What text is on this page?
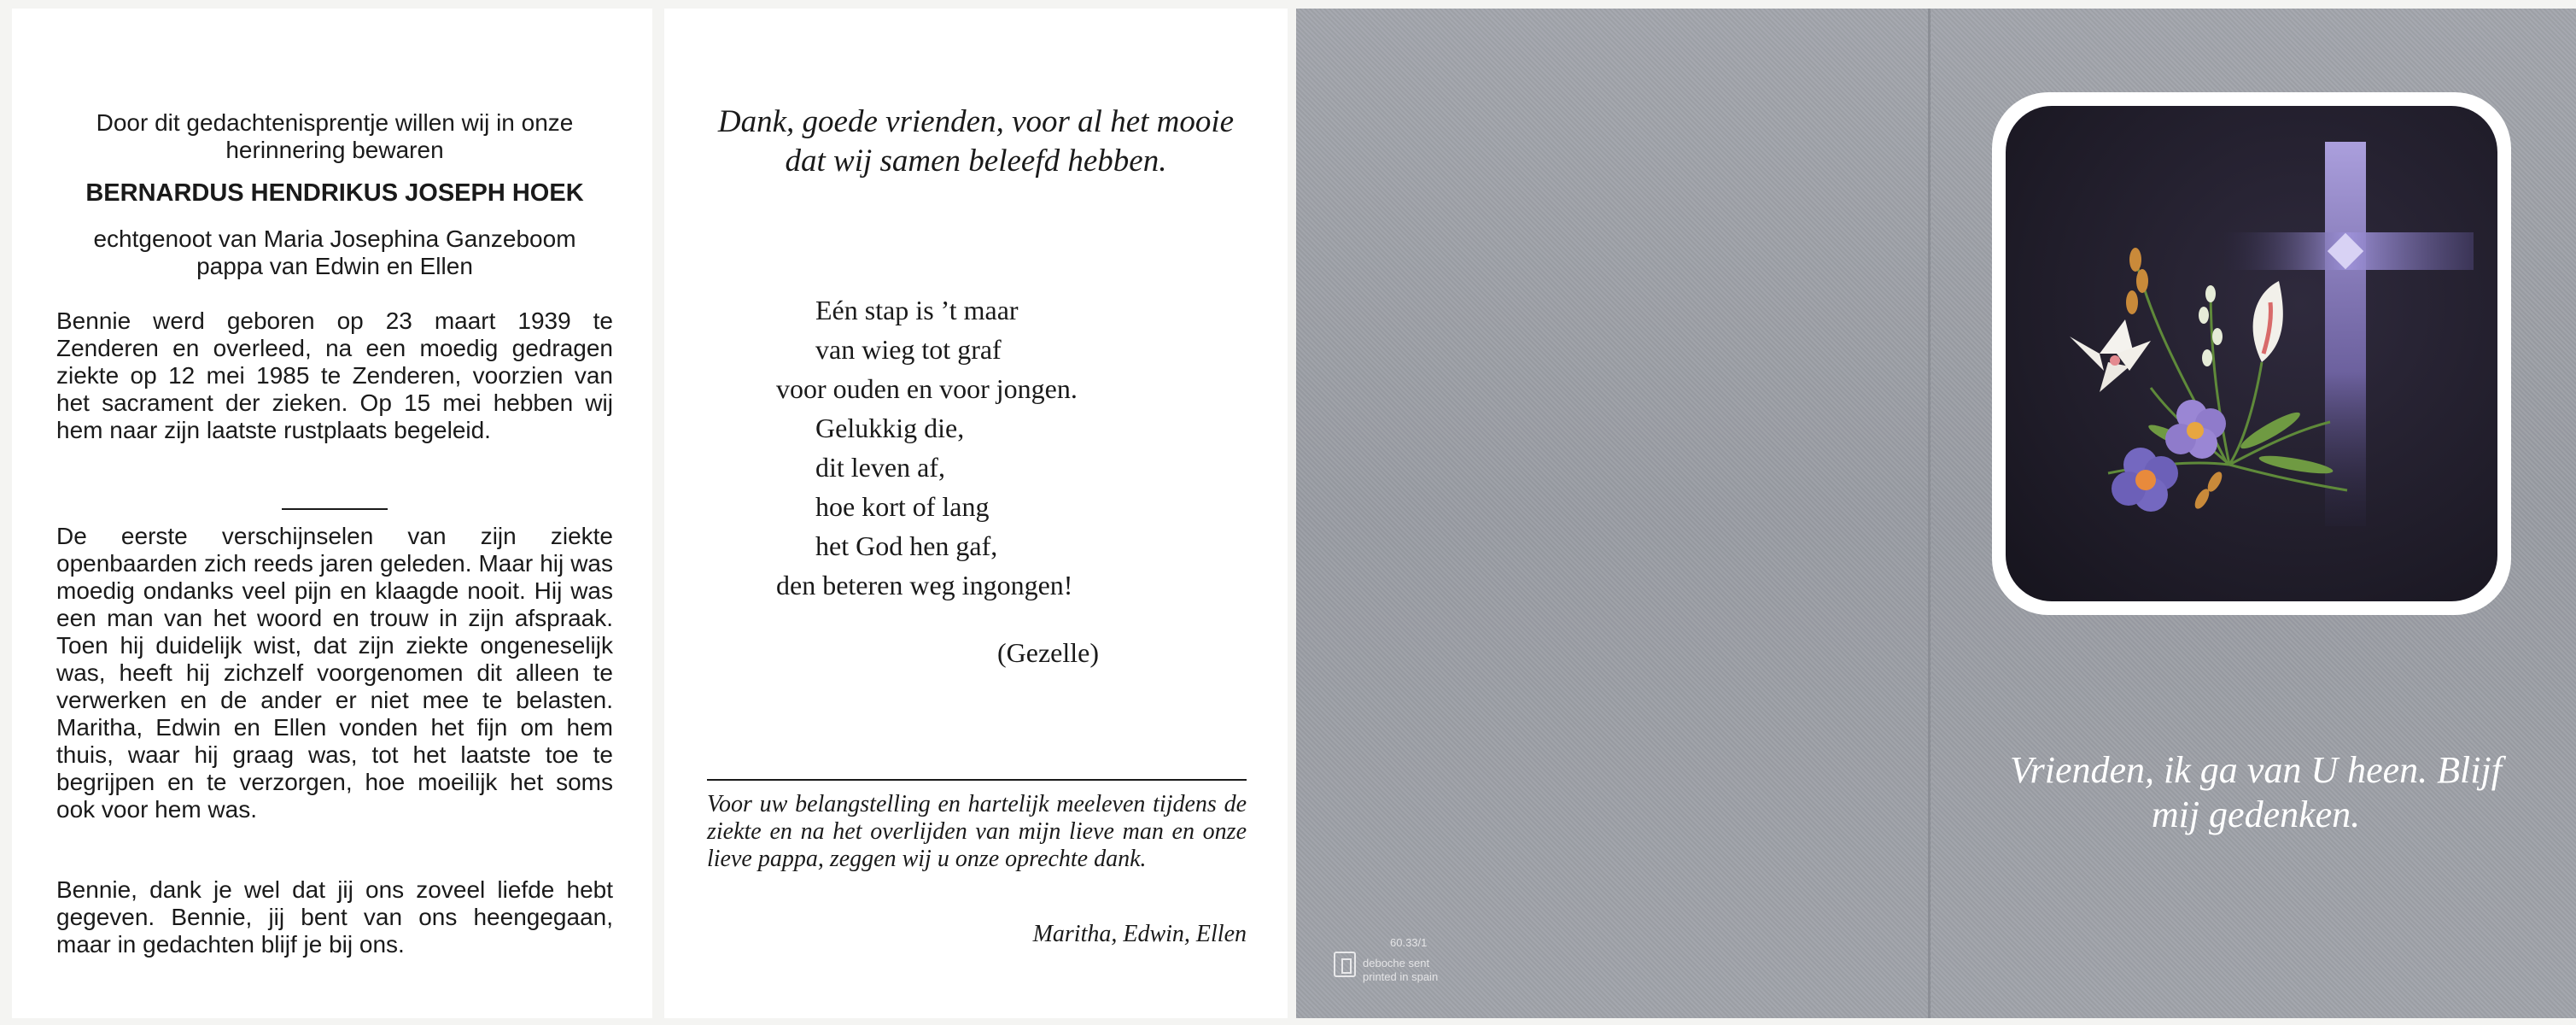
Door dit gedachtenisprentje willen wij in onze herinnering bewaren
BERNARDUS HENDRIKUS JOSEPH HOEK
echtgenoot van Maria Josephina Ganzeboom
pappa van Edwin en Ellen
Bennie werd geboren op 23 maart 1939 te Zenderen en overleed, na een moedig gedragen ziekte op 12 mei 1985 te Zenderen, voorzien van het sacrament der zieken. Op 15 mei hebben wij hem naar zijn laatste rustplaats begeleid.
De eerste verschijnselen van zijn ziekte openbaarden zich reeds jaren geleden. Maar hij was moedig ondanks veel pijn en klaagde nooit. Hij was een man van het woord en trouw in zijn afspraak. Toen hij duidelijk wist, dat zijn ziekte ongeneselijk was, heeft hij zichzelf voorgenomen dit alleen te verwerken en de ander er niet mee te belasten. Maritha, Edwin en Ellen vonden het fijn om hem thuis, waar hij graag was, tot het laatste toe te begrijpen en te verzorgen, hoe moeilijk het soms ook voor hem was.
Bennie, dank je wel dat jij ons zoveel liefde hebt gegeven. Bennie, jij bent van ons heengegaan, maar in gedachten blijf je bij ons.
Dank, goede vrienden, voor al het mooie dat wij samen beleefd hebben.
Eén stap is ’t maar
van wieg tot graf
voor ouden en voor jongen.
Gelukkig die,
dit leven af,
hoe kort of lang
het God hen gaf,
den beteren weg ingongen!
(Gezelle)
Voor uw belangstelling en hartelijk meeleven tijdens de ziekte en na het overlijden van mijn lieve man en onze lieve pappa, zeggen wij u onze oprechte dank.
Maritha, Edwin, Ellen	60.33/1
deboche sent
printed in spain
Vrienden, ik ga van U heen. Blijf mij gedenken.
